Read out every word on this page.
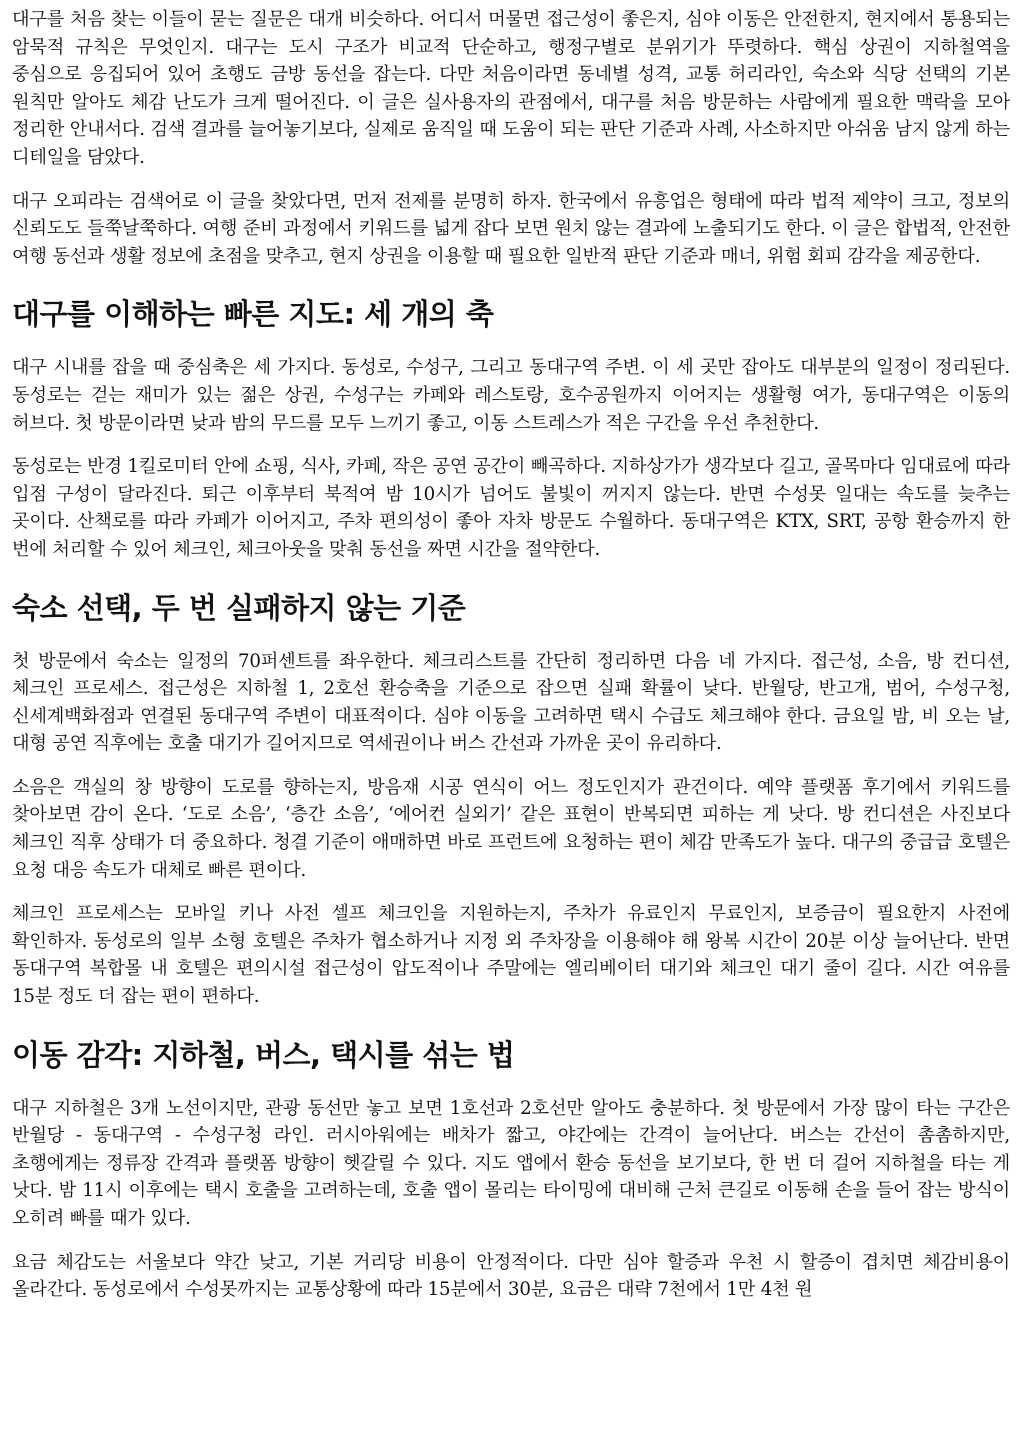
대구를 처음 찾는 이들이 묻는 질문은 대개 비슷하다. 어디서 머물면 접근성이 좋은지, 심야 이동은 안전한지, 현지에서 통용되는 암묵적 규칙은 무엇인지. 대구는 도시 구조가 비교적 단순하고, 행정구별로 분위기가 뚜렷하다. 핵심 상권이 지하철역을 중심으로 응집되어 있어 초행도 금방 동선을 잡는다. 다만 처음이라면 동네별 성격, 교통 허리라인, 숙소와 식당 선택의 기본 원칙만 알아도 체감 난도가 크게 떨어진다. 이 글은 실사용자의 관점에서, 대구를 처음 방문하는 사람에게 필요한 맥락을 모아 정리한 안내서다. 검색 결과를 늘어놓기보다, 실제로 움직일 때 도움이 되는 판단 기준과 사례, 사소하지만 아쉬움 남지 않게 하는 디테일을 담았다.

대구 오피라는 검색어로 이 글을 찾았다면, 먼저 전제를 분명히 하자. 한국에서 유흥업은 형태에 따라 법적 제약이 크고, 정보의 신뢰도도 들쭉날쭉하다. 여행 준비 과정에서 키워드를 넓게 잡다 보면 원치 않는 결과에 노출되기도 한다. 이 글은 합법적, 안전한 여행 동선과 생활 정보에 초점을 맞추고, 현지 상권을 이용할 때 필요한 일반적 판단 기준과 매너, 위험 회피 감각을 제공한다.

대구를 이해하는 빠른 지도: 세 개의 축

대구 시내를 잡을 때 중심축은 세 가지다. 동성로, 수성구, 그리고 동대구역 주변. 이 세 곳만 잡아도 대부분의 일정이 정리된다. 동성로는 걷는 재미가 있는 젊은 상권, 수성구는 카페와 레스토랑, 호수공원까지 이어지는 생활형 여가, 동대구역은 이동의 허브다. 첫 방문이라면 낮과 밤의 무드를 모두 느끼기 좋고, 이동 스트레스가 적은 구간을 우선 추천한다.

동성로는 반경 1킬로미터 안에 쇼핑, 식사, 카페, 작은 공연 공간이 빼곡하다. 지하상가가 생각보다 길고, 골목마다 임대료에 따라 입점 구성이 달라진다. 퇴근 이후부터 북적여 밤 10시가 넘어도 불빛이 꺼지지 않는다. 반면 수성못 일대는 속도를 늦추는 곳이다. 산책로를 따라 카페가 이어지고, 주차 편의성이 좋아 자차 방문도 수월하다. 동대구역은 KTX, SRT, 공항 환승까지 한 번에 처리할 수 있어 체크인, 체크아웃을 맞춰 동선을 짜면 시간을 절약한다.

숙소 선택, 두 번 실패하지 않는 기준

첫 방문에서 숙소는 일정의 70퍼센트를 좌우한다. 체크리스트를 간단히 정리하면 다음 네 가지다. 접근성, 소음, 방 컨디션, 체크인 프로세스. 접근성은 지하철 1, 2호선 환승축을 기준으로 잡으면 실패 확률이 낮다. 반월당, 반고개, 범어, 수성구청, 신세계백화점과 연결된 동대구역 주변이 대표적이다. 심야 이동을 고려하면 택시 수급도 체크해야 한다. 금요일 밤, 비 오는 날, 대형 공연 직후에는 호출 대기가 길어지므로 역세권이나 버스 간선과 가까운 곳이 유리하다.

소음은 객실의 창 방향이 도로를 향하는지, 방음재 시공 연식이 어느 정도인지가 관건이다. 예약 플랫폼 후기에서 키워드를 찾아보면 감이 온다. ‘도로 소음’, ‘층간 소음’, ‘에어컨 실외기’ 같은 표현이 반복되면 피하는 게 낫다. 방 컨디션은 사진보다 체크인 직후 상태가 더 중요하다. 청결 기준이 애매하면 바로 프런트에 요청하는 편이 체감 만족도가 높다. 대구의 중급급 호텔은 요청 대응 속도가 대체로 빠른 편이다.

체크인 프로세스는 모바일 키나 사전 셀프 체크인을 지원하는지, 주차가 유료인지 무료인지, 보증금이 필요한지 사전에 확인하자. 동성로의 일부 소형 호텔은 주차가 협소하거나 지정 외 주차장을 이용해야 해 왕복 시간이 20분 이상 늘어난다. 반면 동대구역 복합몰 내 호텔은 편의시설 접근성이 압도적이나 주말에는 엘리베이터 대기와 체크인 대기 줄이 길다. 시간 여유를 15분 정도 더 잡는 편이 편하다.

이동 감각: 지하철, 버스, 택시를 섞는 법

대구 지하철은 3개 노선이지만, 관광 동선만 놓고 보면 1호선과 2호선만 알아도 충분하다. 첫 방문에서 가장 많이 타는 구간은 반월당 - 동대구역 - 수성구청 라인. 러시아워에는 배차가 짧고, 야간에는 간격이 늘어난다. 버스는 간선이 촘촘하지만, 초행에게는 정류장 간격과 플랫폼 방향이 헷갈릴 수 있다. 지도 앱에서 환승 동선을 보기보다, 한 번 더 걸어 지하철을 타는 게 낫다. 밤 11시 이후에는 택시 호출을 고려하는데, 호출 앱이 몰리는 타이밍에 대비해 근처 큰길로 이동해 손을 들어 잡는 방식이 오히려 빠를 때가 있다.

요금 체감도는 서울보다 약간 낮고, 기본 거리당 비용이 안정적이다. 다만 심야 할증과 우천 시 할증이 겹치면 체감비용이 올라간다. 동성로에서 수성못까지는 교통상황에 따라 15분에서 30분, 요금은 대략 7천에서 1만 4천 원
